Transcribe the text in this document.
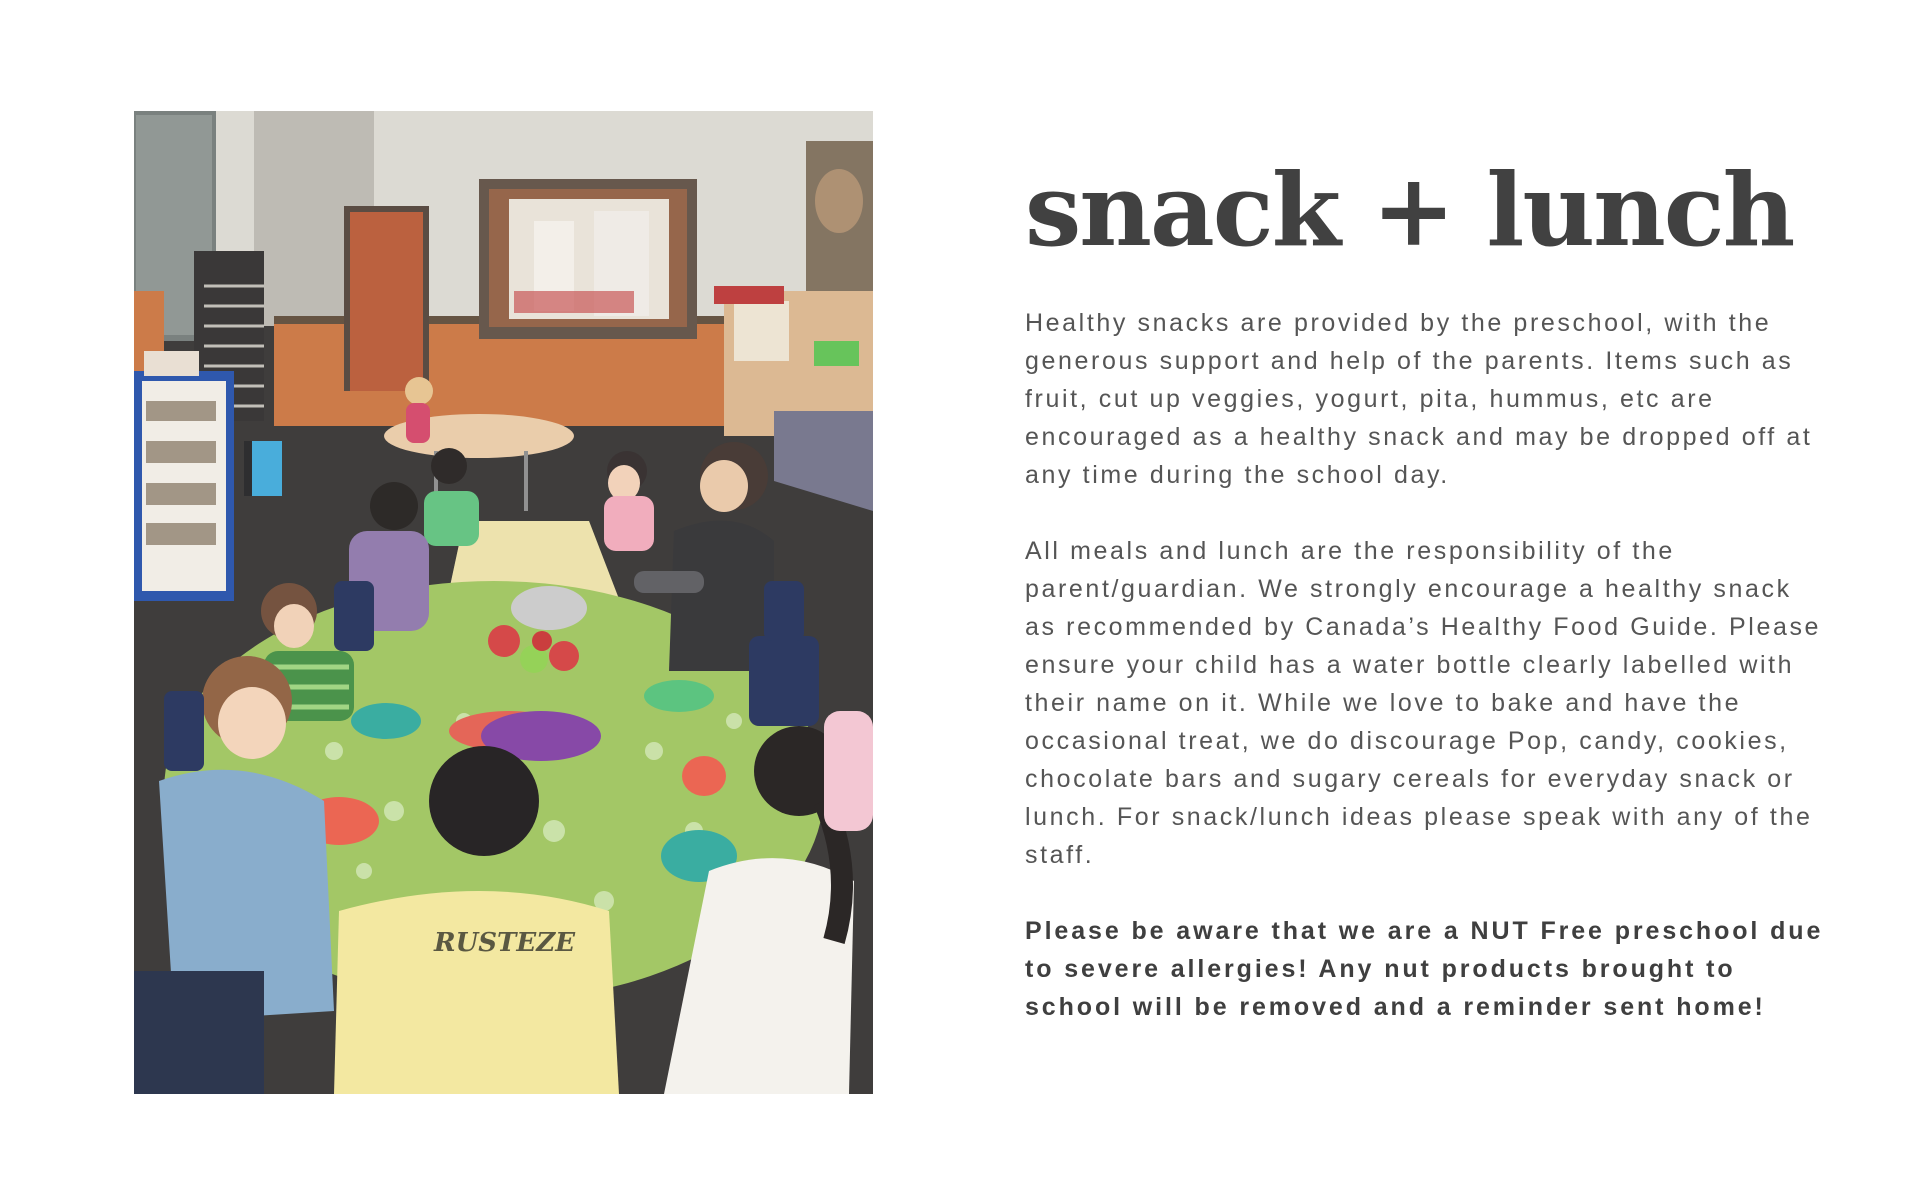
RUSTEZE
snack + lunch

Healthy snacks are provided by the preschool, with the generous support and help of the parents. Items such as fruit, cut up veggies, yogurt, pita, hummus, etc are encouraged as a healthy snack and may be dropped off at any time during the school day.

All meals and lunch are the responsibility of the parent/guardian. We strongly encourage a healthy snack as recommended by Canada’s Healthy Food Guide. Please ensure your child has a water bottle clearly labelled with their name on it. While we love to bake and have the occasional treat, we do discourage Pop, candy, cookies, chocolate bars and sugary cereals for everyday snack or lunch. For snack/lunch ideas please speak with any of the staff.

Please be aware that we are a NUT Free preschool due to severe allergies! Any nut products brought to school will be removed and a reminder sent home!
